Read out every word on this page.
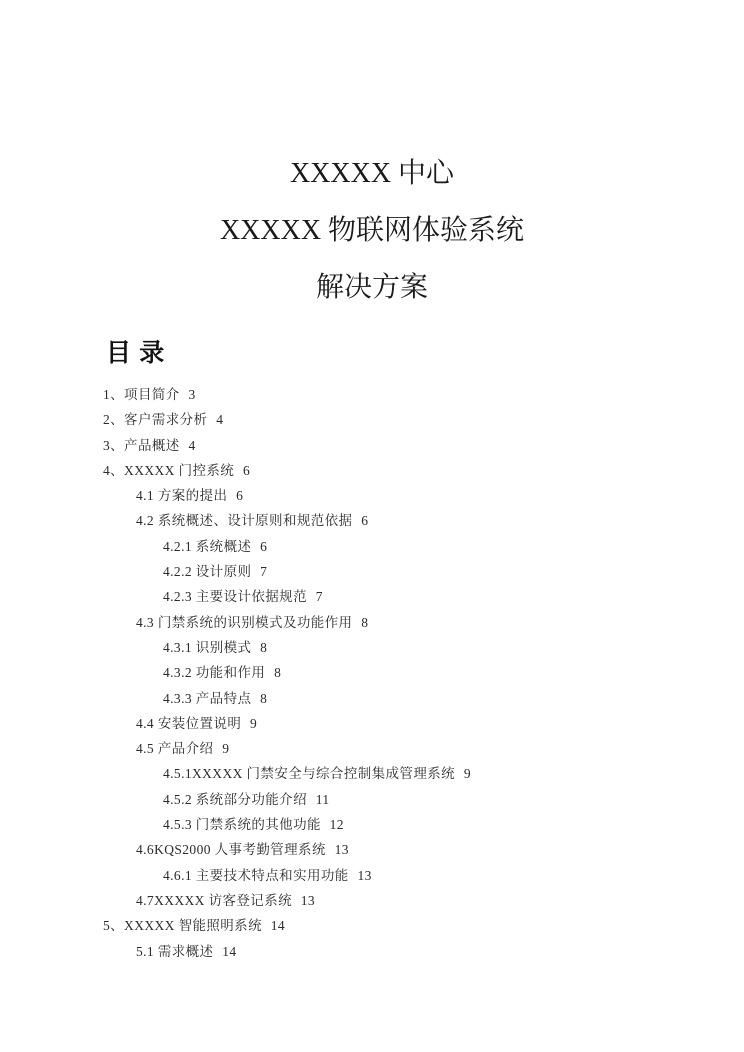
XXXXX 中心
XXXXX 物联网体验系统
解决方案
目 录
1、项目简介 3
2、客户需求分析 4
3、产品概述 4
4、XXXXX 门控系统 6
4.1 方案的提出 6
4.2 系统概述、设计原则和规范依据 6
4.2.1 系统概述 6
4.2.2 设计原则 7
4.2.3 主要设计依据规范 7
4.3 门禁系统的识别模式及功能作用 8
4.3.1 识别模式 8
4.3.2 功能和作用 8
4.3.3 产品特点 8
4.4 安装位置说明 9
4.5 产品介绍 9
4.5.1XXXXX 门禁安全与综合控制集成管理系统 9
4.5.2 系统部分功能介绍 11
4.5.3 门禁系统的其他功能 12
4.6KQS2000 人事考勤管理系统 13
4.6.1 主要技术特点和实用功能 13
4.7XXXXX 访客登记系统 13
5、XXXXX 智能照明系统 14
5.1 需求概述 14
